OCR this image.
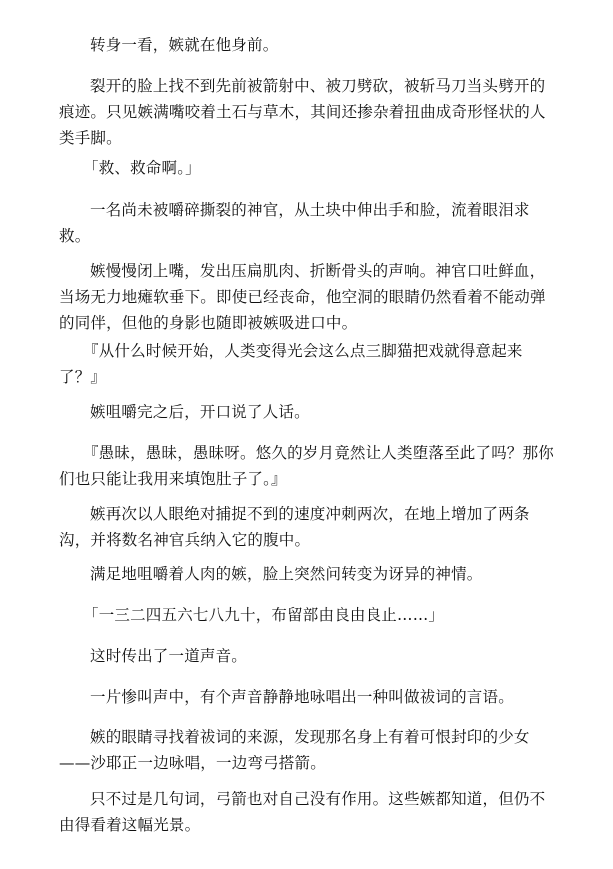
转身一看，嫉就在他身前。

裂开的脸上找不到先前被箭射中、被刀劈砍，被斩马刀当头劈开的痕迹。只见嫉满嘴咬着土石与草木，其间还掺杂着扭曲成奇形怪状的人类手脚。

「救、救命啊。」

一名尚未被嚼碎撕裂的神官，从土块中伸出手和脸，流着眼泪求救。

嫉慢慢闭上嘴，发出压扁肌肉、折断骨头的声响。神官口吐鲜血，当场无力地瘫软垂下。即使已经丧命，他空洞的眼睛仍然看着不能动弹的同伴，但他的身影也随即被嫉吸进口中。

『从什么时候开始，人类变得光会这么点三脚猫把戏就得意起来了？』

嫉咀嚼完之后，开口说了人话。

『愚昧，愚昧，愚昧呀。悠久的岁月竟然让人类堕落至此了吗？那你们也只能让我用来填饱肚子了。』

嫉再次以人眼绝对捕捉不到的速度冲刺两次，在地上增加了两条沟，并将数名神官兵纳入它的腹中。

满足地咀嚼着人肉的嫉，脸上突然问转变为讶异的神情。

「一三二四五六七八九十，布留部由良由良止……」

这时传出了一道声音。

一片惨叫声中，有个声音静静地咏唱出一种叫做祓词的言语。

嫉的眼睛寻找着祓词的来源，发现那名身上有着可恨封印的少女——沙耶正一边咏唱，一边弯弓搭箭。

只不过是几句词，弓箭也对自己没有作用。这些嫉都知道，但仍不由得看着这幅光景。
